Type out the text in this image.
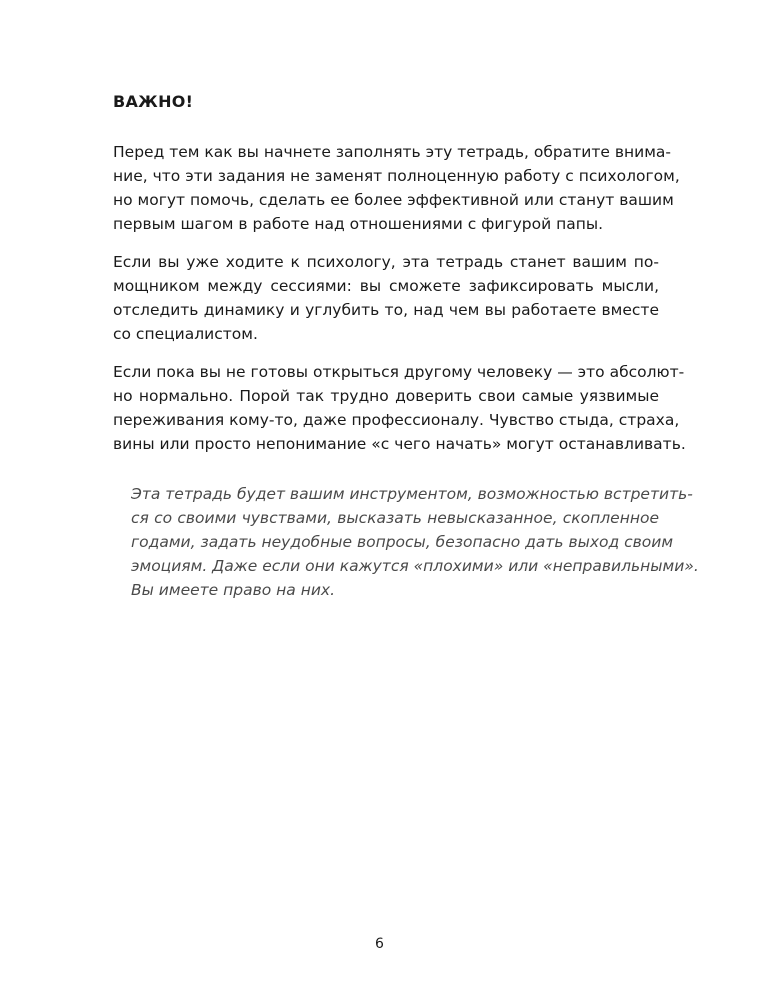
ВАЖНО!
Перед тем как вы начнете заполнять эту тетрадь, обратите внима-
ние, что эти задания не заменят полноценную работу с психологом,
но могут помочь, сделать ее более эффективной или станут вашим
первым шагом в работе над отношениями с фигурой папы.
Если вы уже ходите к психологу, эта тетрадь станет вашим по-
мощником между сессиями: вы сможете зафиксировать мысли,
отследить динамику и углубить то, над чем вы работаете вместе
со специалистом.
Если пока вы не готовы открыться другому человеку — это абсолют-
но нормально. Порой так трудно доверить свои самые уязвимые
переживания кому-то, даже профессионалу. Чувство стыда, страха,
вины или просто непонимание «с чего начать» могут останавливать.
Эта тетрадь будет вашим инструментом, возможностью встретить-
ся со своими чувствами, высказать невысказанное, скопленное
годами, задать неудобные вопросы, безопасно дать выход своим
эмоциям. Даже если они кажутся «плохими» или «неправильными».
Вы имеете право на них.
6
